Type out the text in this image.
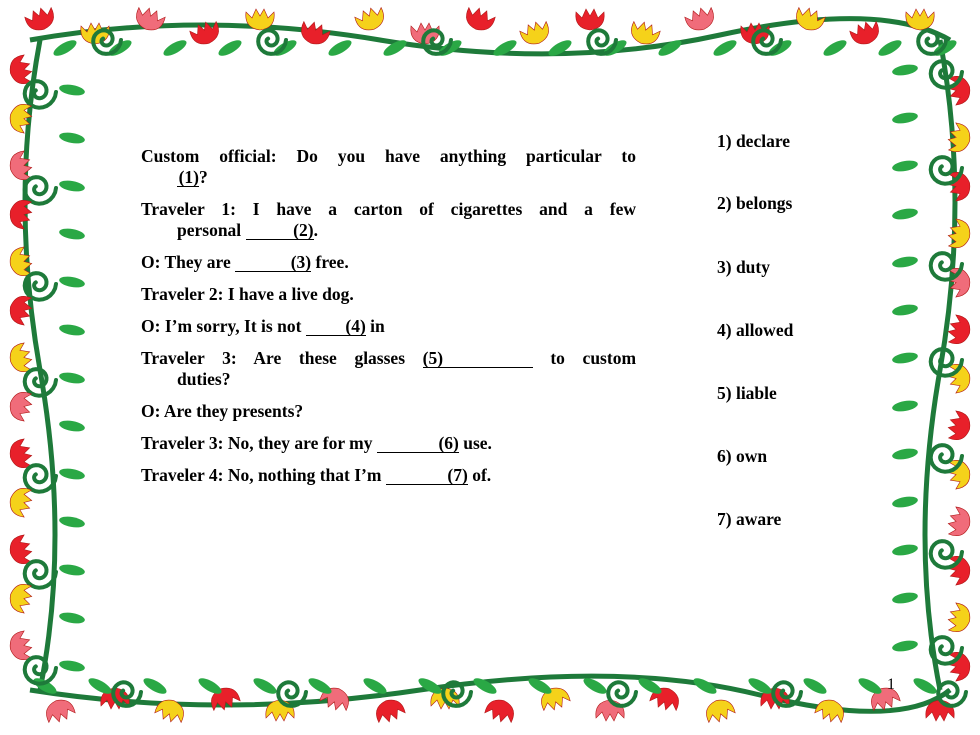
Custom official: Do you have anything particular to
(1)?
Traveler 1: I have a carton of cigarettes and a few
personal	(2).
O: They are	(3) free.
Traveler 2: I have a live dog.
O: I’m sorry, It is not	(4) in
Traveler 3: Are these glasses (5)	to custom
duties?
O: Are they presents?
Traveler 3: No, they are for my	(6) use.
Traveler 4: No, nothing that I’m	(7) of.
1) declare
2) belongs
3) duty
4) allowed
5) liable
6) own
7) aware
1
